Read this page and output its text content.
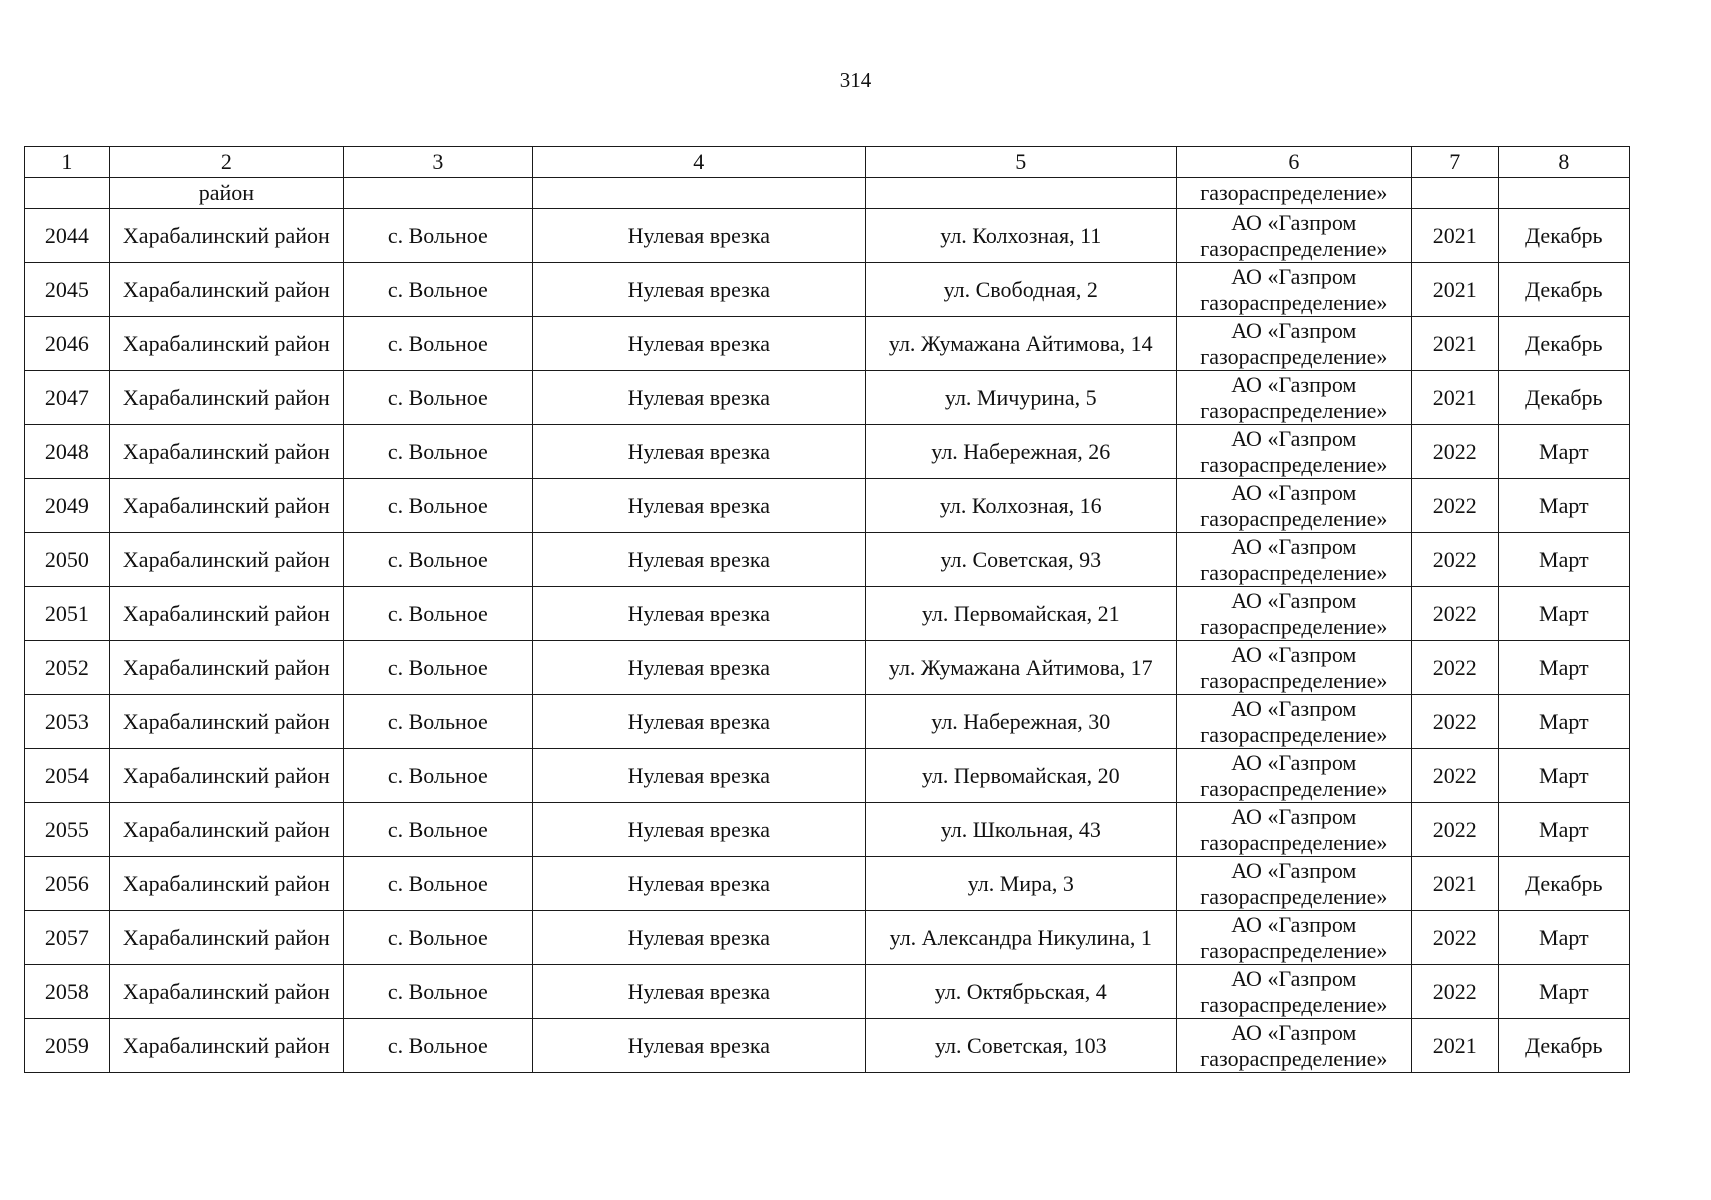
314
1	2	3	4	5	6	7	8
	район				газораспределение»		
2044	Харабалинский район	с. Вольное	Нулевая врезка	ул. Колхозная, 11	АО «Газпром газораспределение»	2021	Декабрь
2045	Харабалинский район	с. Вольное	Нулевая врезка	ул. Свободная, 2	АО «Газпром газораспределение»	2021	Декабрь
2046	Харабалинский район	с. Вольное	Нулевая врезка	ул. Жумажана Айтимова, 14	АО «Газпром газораспределение»	2021	Декабрь
2047	Харабалинский район	с. Вольное	Нулевая врезка	ул. Мичурина, 5	АО «Газпром газораспределение»	2021	Декабрь
2048	Харабалинский район	с. Вольное	Нулевая врезка	ул. Набережная, 26	АО «Газпром газораспределение»	2022	Март
2049	Харабалинский район	с. Вольное	Нулевая врезка	ул. Колхозная, 16	АО «Газпром газораспределение»	2022	Март
2050	Харабалинский район	с. Вольное	Нулевая врезка	ул. Советская, 93	АО «Газпром газораспределение»	2022	Март
2051	Харабалинский район	с. Вольное	Нулевая врезка	ул. Первомайская, 21	АО «Газпром газораспределение»	2022	Март
2052	Харабалинский район	с. Вольное	Нулевая врезка	ул. Жумажана Айтимова, 17	АО «Газпром газораспределение»	2022	Март
2053	Харабалинский район	с. Вольное	Нулевая врезка	ул. Набережная, 30	АО «Газпром газораспределение»	2022	Март
2054	Харабалинский район	с. Вольное	Нулевая врезка	ул. Первомайская, 20	АО «Газпром газораспределение»	2022	Март
2055	Харабалинский район	с. Вольное	Нулевая врезка	ул. Школьная, 43	АО «Газпром газораспределение»	2022	Март
2056	Харабалинский район	с. Вольное	Нулевая врезка	ул. Мира, 3	АО «Газпром газораспределение»	2021	Декабрь
2057	Харабалинский район	с. Вольное	Нулевая врезка	ул. Александра Никулина, 1	АО «Газпром газораспределение»	2022	Март
2058	Харабалинский район	с. Вольное	Нулевая врезка	ул. Октябрьская, 4	АО «Газпром газораспределение»	2022	Март
2059	Харабалинский район	с. Вольное	Нулевая врезка	ул. Советская, 103	АО «Газпром газораспределение»	2021	Декабрь
